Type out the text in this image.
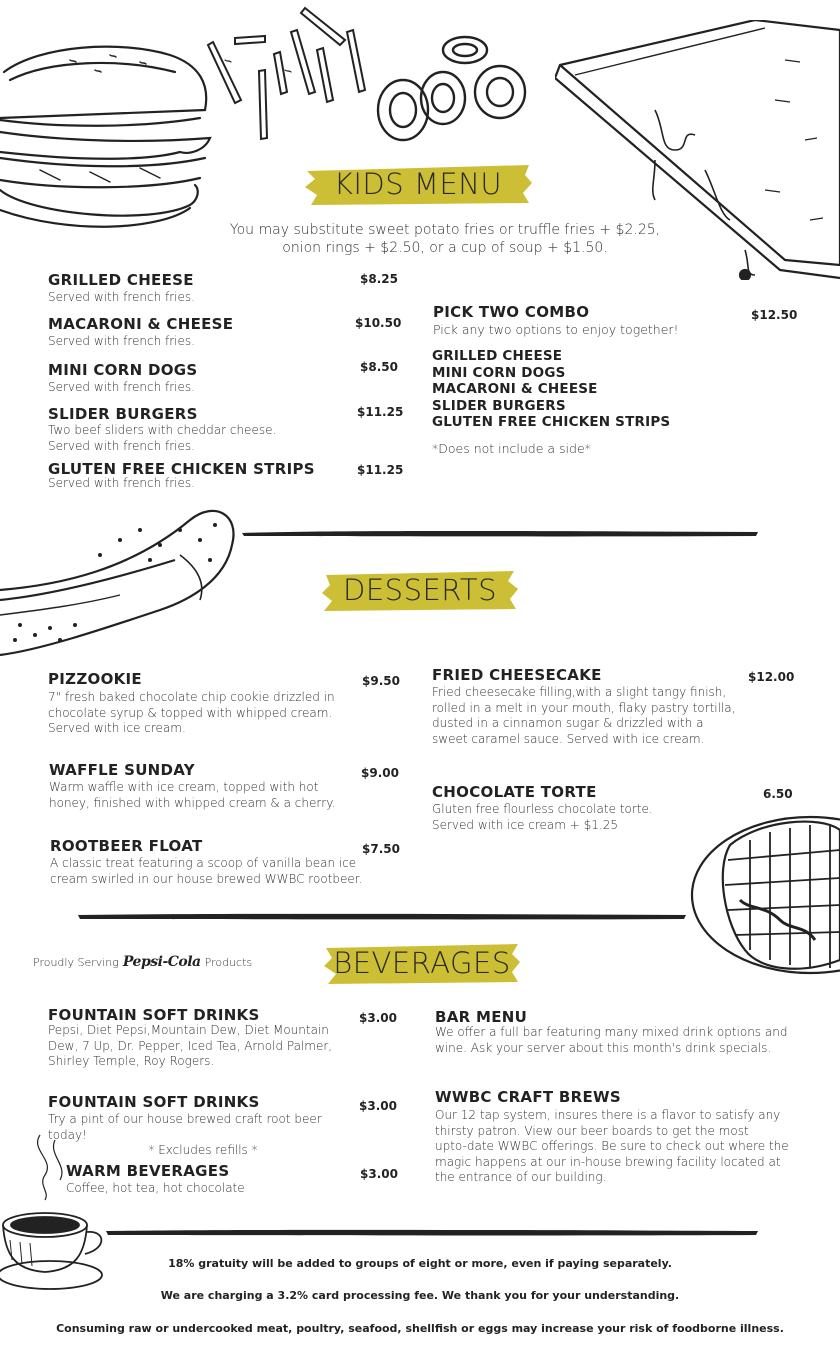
KIDS MENU
You may substitute sweet potato fries or truffle fries + $2.25,
onion rings + $2.50, or a cup of soup + $1.50.
GRILLED CHEESE	$8.25
Served with french fries.
MACARONI & CHEESE	$10.50
Served with french fries.
MINI CORN DOGS	$8.50
Served with french fries.
SLIDER BURGERS	$11.25
Two beef sliders with cheddar cheese.
Served with french fries.
GLUTEN FREE CHICKEN STRIPS	$11.25
Served with french fries.
PICK TWO COMBO	$12.50
Pick any two options to enjoy together!
GRILLED CHEESE
MINI CORN DOGS
MACARONI & CHEESE
SLIDER BURGERS
GLUTEN FREE CHICKEN STRIPS
*Does not include a side*
DESSERTS
PIZZOOKIE	$9.50
7" fresh baked chocolate chip cookie drizzled in
chocolate syrup & topped with whipped cream.
Served with ice cream.
WAFFLE SUNDAY	$9.00
Warm waffle with ice cream, topped with hot
honey, finished with whipped cream & a cherry.
ROOTBEER FLOAT	$7.50
A classic treat featuring a scoop of vanilla bean ice
cream swirled in our house brewed WWBC rootbeer.
FRIED CHEESECAKE	$12.00
Fried cheesecake filling,with a slight tangy finish,
rolled in a melt in your mouth, flaky pastry tortilla,
dusted in a cinnamon sugar & drizzled with a
sweet caramel sauce. Served with ice cream.
CHOCOLATE TORTE	6.50
Gluten free flourless chocolate torte.
Served with ice cream + $1.25
Proudly Serving Pepsi-Cola Products	BEVERAGES
FOUNTAIN SOFT DRINKS	$3.00
Pepsi, Diet Pepsi,Mountain Dew, Diet Mountain
Dew, 7 Up, Dr. Pepper, Iced Tea, Arnold Palmer,
Shirley Temple, Roy Rogers.
FOUNTAIN SOFT DRINKS	$3.00
Try a pint of our house brewed craft root beer today!
* Excludes refills *
WARM BEVERAGES	$3.00
Coffee, hot tea, hot chocolate
BAR MENU
We offer a full bar featuring many mixed drink options and
wine. Ask your server about this month's drink specials.
WWBC CRAFT BREWS
Our 12 tap system, insures there is a flavor to satisfy any
thirsty patron. View our beer boards to get the most
upto-date WWBC offerings. Be sure to check out where the
magic happens at our in-house brewing facility located at
the entrance of our building.
18% gratuity will be added to groups of eight or more, even if paying separately.
We are charging a 3.2% card processing fee. We thank you for your understanding.
Consuming raw or undercooked meat, poultry, seafood, shellfish or eggs may increase your risk of foodborne illness.
